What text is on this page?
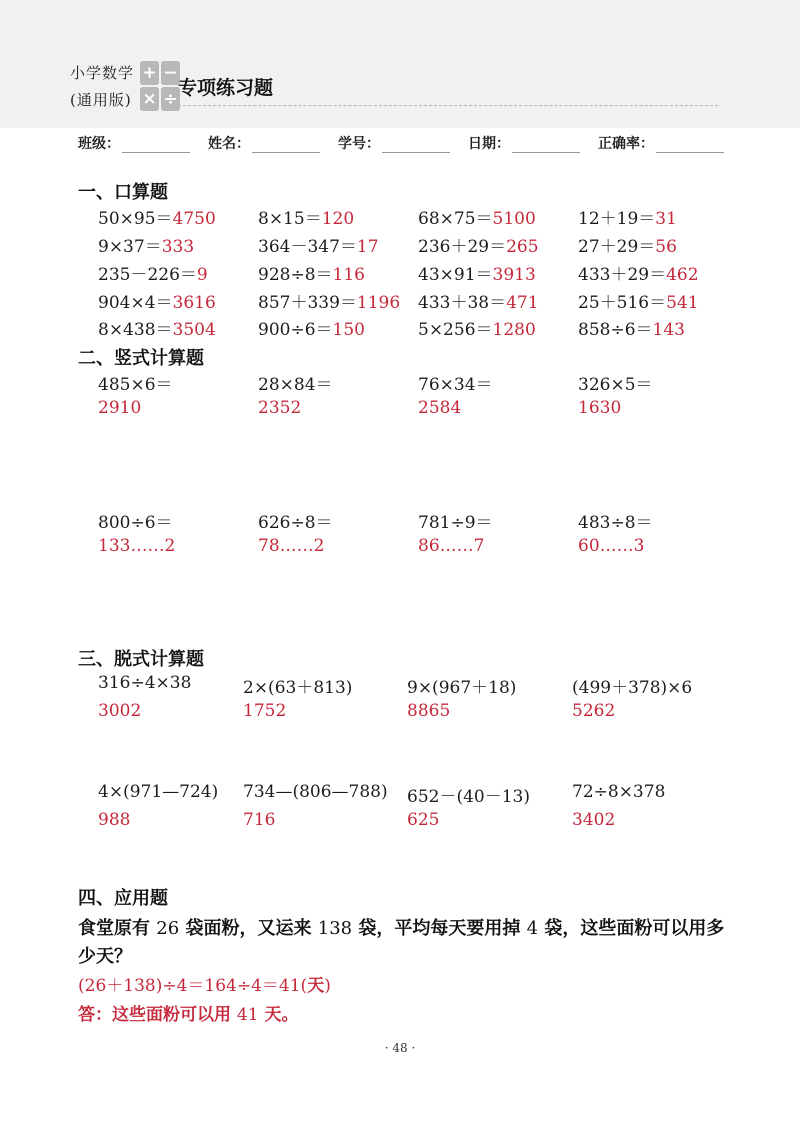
小学数学
(通用版)
+ −
× ÷ 专项练习题
班级：	姓名：	学号：	日期：	正确率：
一、口算题
50×95＝4750 8×15＝120	68×75＝5100 12＋19＝31
9×37＝333	364－347＝17 236＋29＝265 27＋29＝56
235－226＝9	928÷8＝116	43×91＝3913 433＋29＝462
904×4＝3616 857＋339＝1196 433＋38＝471 25＋516＝541
8×438＝3504 900÷6＝150	5×256＝1280 858÷6＝143
二、竖式计算题
485×6＝
2910
28×84＝
2352
76×34＝
2584
326×5＝
1630
800÷6＝
133……2
626÷8＝
78……2
781÷9＝
86……7
483÷8＝
60……3
三、脱式计算题
316÷4×38
3002
2×(63＋813)
1752
9×(967＋18)
8865
(499＋378)×6
5262
4×(971—724)
988
734—(806—788)
716
652－(40－13)
625
72÷8×378
3402
四、应用题
食堂原有 26 袋面粉，又运来 138 袋，平均每天要用掉 4 袋，这些面粉可以用多少天？
(26＋138)÷4＝164÷4＝41(天)
答：这些面粉可以用 41 天。
· 48 ·
